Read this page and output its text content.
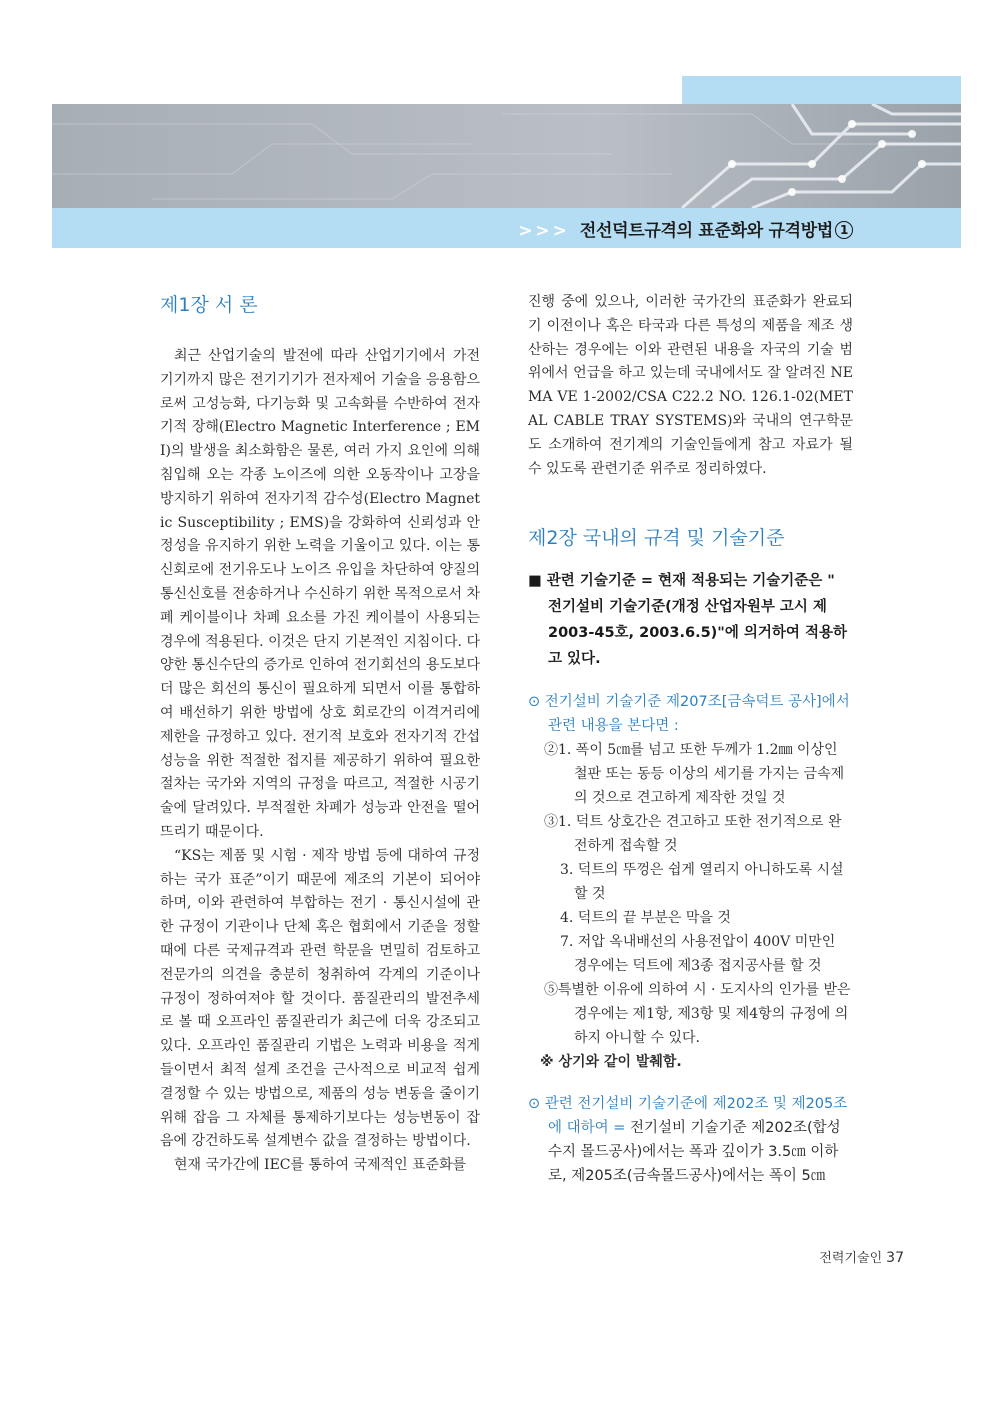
>>> 전선덕트규격의 표준화와 규격방법 1
제1장 서 론

최근 산업기술의 발전에 따라 산업기기에서 가전기기까지 많은 전기기기가 전자제어 기술을 응용함으로써 고성능화, 다기능화 및 고속화를 수반하여 전자기적 장해(Electro Magnetic Interference ; EMI)의 발생을 최소화함은 물론, 여러 가지 요인에 의해 침입해 오는 각종 노이즈에 의한 오동작이나 고장을 방지하기 위하여 전자기적 감수성(Electro Magnetic Susceptibility ; EMS)을 강화하여 신뢰성과 안정성을 유지하기 위한 노력을 기울이고 있다. 이는 통신회로에 전기유도나 노이즈 유입을 차단하여 양질의 통신신호를 전송하거나 수신하기 위한 목적으로서 차폐 케이블이나 차폐 요소를 가진 케이블이 사용되는 경우에 적용된다. 이것은 단지 기본적인 지침이다. 다양한 통신수단의 증가로 인하여 전기회선의 용도보다 더 많은 회선의 통신이 필요하게 되면서 이를 통합하여 배선하기 위한 방법에 상호 회로간의 이격거리에 제한을 규정하고 있다. 전기적 보호와 전자기적 간섭 성능을 위한 적절한 접지를 제공하기 위하여 필요한 절차는 국가와 지역의 규정을 따르고, 적절한 시공기술에 달려있다. 부적절한 차폐가 성능과 안전을 떨어뜨리기 때문이다.

“KS는 제품 및 시험 · 제작 방법 등에 대하여 규정하는 국가 표준”이기 때문에 제조의 기본이 되어야 하며, 이와 관련하여 부합하는 전기 · 통신시설에 관한 규정이 기관이나 단체 혹은 협회에서 기준을 정할 때에 다른 국제규격과 관련 학문을 면밀히 검토하고 전문가의 의견을 충분히 청취하여 각계의 기준이나 규정이 정하여져야 할 것이다. 품질관리의 발전추세로 볼 때 오프라인 품질관리가 최근에 더욱 강조되고 있다. 오프라인 품질관리 기법은 노력과 비용을 적게 들이면서 최적 설계 조건을 근사적으로 비교적 쉽게 결정할 수 있는 방법으로, 제품의 성능 변동을 줄이기 위해 잡음 그 자체를 통제하기보다는 성능변동이 잡음에 강건하도록 설계변수 값을 결정하는 방법이다.

현재 국가간에 IEC를 통하여 국제적인 표준화를

진행 중에 있으나, 이러한 국가간의 표준화가 완료되기 이전이나 혹은 타국과 다른 특성의 제품을 제조 생산하는 경우에는 이와 관련된 내용을 자국의 기술 범위에서 언급을 하고 있는데 국내에서도 잘 알려진 NEMA VE 1-2002/CSA C22.2 NO. 126.1-02(METAL CABLE TRAY SYSTEMS)와 국내의 연구학문도 소개하여 전기계의 기술인들에게 참고 자료가 될 수 있도록 관련기준 위주로 정리하였다.

제2장 국내의 규격 및 기술기준
■ 관련 기술기준 = 현재 적용되는 기술기준은 " 전기설비 기술기준(개정 산업자원부 고시 제 2003-45호, 2003.6.5)"에 의거하여 적용하고 있다.
⊙ 전기설비 기술기준 제207조[금속덕트 공사]에서 관련 내용을 본다면 :
②1. 폭이 5㎝를 넘고 또한 두께가 1.2㎜ 이상인 철판 또는 동등 이상의 세기를 가지는 금속제의 것으로 견고하게 제작한 것일 것
③1. 덕트 상호간은 견고하고 또한 전기적으로 완전하게 접속할 것
3. 덕트의 뚜껑은 쉽게 열리지 아니하도록 시설할 것
4. 덕트의 끝 부분은 막을 것
7. 저압 옥내배선의 사용전압이 400V 미만인 경우에는 덕트에 제3종 접지공사를 할 것
⑤특별한 이유에 의하여 시 · 도지사의 인가를 받은 경우에는 제1항, 제3항 및 제4항의 규정에 의하지 아니할 수 있다.
※ 상기와 같이 발췌함.
⊙ 관련 전기설비 기술기준에 제202조 및 제205조에 대하여 = 전기설비 기술기준 제202조(합성수지 몰드공사)에서는 폭과 깊이가 3.5㎝ 이하로, 제205조(금속몰드공사)에서는 폭이 5㎝
전력기술인 37
